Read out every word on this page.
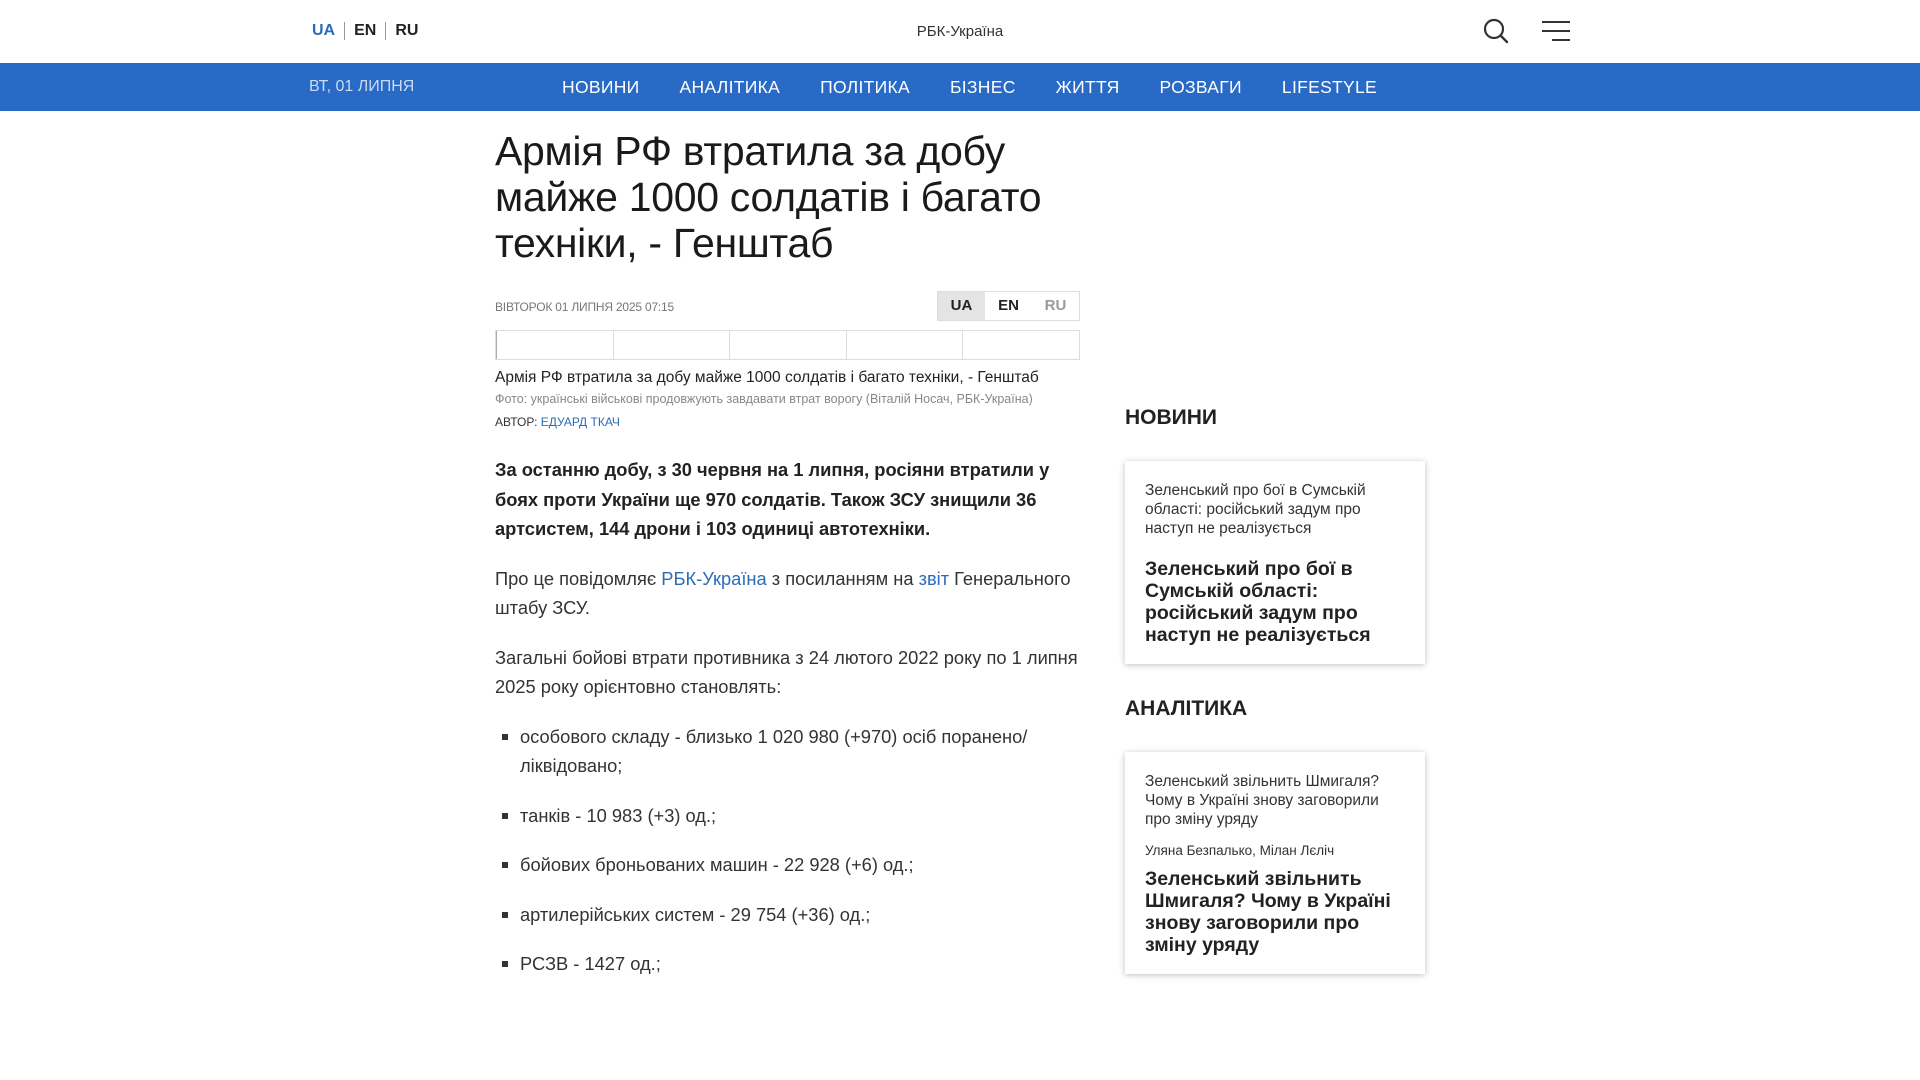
UA	EN	RU	РБК-Україна
ВТ, 01 ЛИПНЯ	НОВИНИ	АНАЛІТИКА	ПОЛІТИКА	БІЗНЕС	ЖИТТЯ	РОЗВАГИ	LIFESTYLE
Армія РФ втратила за добу майже 1000 солдатів і багато техніки, - Генштаб
ВІВТОРОК 01 ЛИПНЯ 2025 07:15	UA	EN	RU
Армія РФ втратила за добу майже 1000 солдатів і багато техніки, - Генштаб
Фото: українські військові продовжують завдавати втрат ворогу (Віталій Носач, РБК-Україна)
АВТОР: ЕДУАРД ТКАЧ

За останню добу, з 30 червня на 1 липня, росіяни втратили у боях проти України ще 970 солдатів. Також ЗСУ знищили 36 артсистем, 144 дрони і 103 одиниці автотехніки.

Про це повідомляє РБК-Україна з посиланням на звіт Генерального штабу ЗСУ.

Загальні бойові втрати противника з 24 лютого 2022 року по 1 липня 2025 року орієнтовно становлять:

особового складу - близько 1 020 980 (+970) осіб поранено/ліквідовано;
танків - 10 983 (+3) од.;
бойових броньованих машин - 22 928 (+6) од.;
артилерійських систем - 29 754 (+36) од.;
РСЗВ - 1427 од.;
НОВИНИ
Зеленський про бої в Сумській області: російський задум про наступ не реалізується
Зеленський про бої в Сумській області: російський задум про наступ не реалізується
АНАЛІТИКА
Зеленський звільнить Шмигаля? Чому в Україні знову заговорили про зміну уряду
Уляна Безпалько, Мілан Лєліч
Зеленський звільнить Шмигаля? Чому в Україні знову заговорили про зміну уряду
